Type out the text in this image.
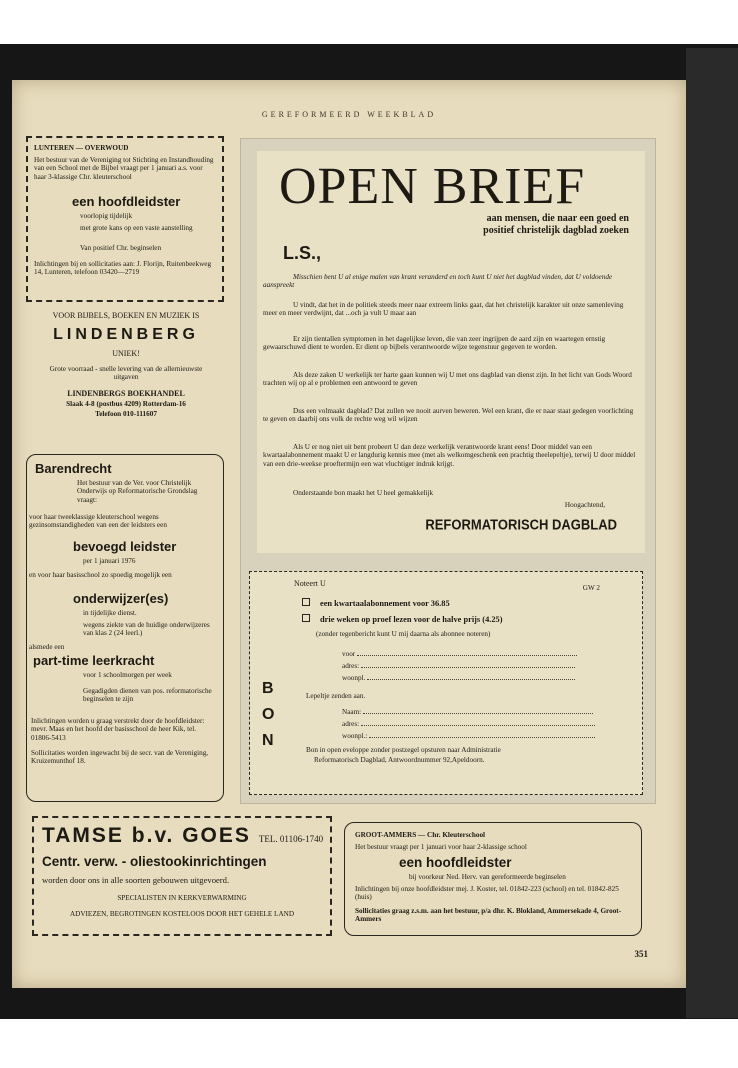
GEREFORMEERD WEEKBLAD
LUNTEREN — OVERWOUD
Het bestuur van de Vereniging tot Stichting en Instandhouding van een School met de Bijbel vraagt per 1 januari a.s. voor haar 3-klassige Chr. kleuterschool
een hoofdleidster
voorlopig tijdelijk
met grote kans op een vaste aanstelling
Van positief Chr. beginselen
Inlichtingen bij en sollicitaties aan: J. Florijn, Ruitenbeekweg 14, Lunteren, telefoon 03420—2719
VOOR BIJBELS, BOEKEN EN MUZIEK IS
LINDENBERG
UNIEK!
Grote voorraad - snelle levering van de allernieuwste uitgaven
LINDENBERGS BOEKHANDEL
Slaak 4-8 (postbus 4209) Rotterdam-16
Telefoon 010-111607
Barendrecht
Het bestuur van de Ver. voor Christelijk Onderwijs op Reformatorische Grondslag vraagt:
voor haar tweeklassige kleuterschool wegens gezinsomstandigheden van een der leidsters een
bevoegd leidster
per 1 januari 1976
en voor haar basisschool zo spoedig mogelijk een
onderwijzer(es)
in tijdelijke dienst.
wegens ziekte van de huidige onderwijzeres van klas 2 (24 leerl.)
alsmede een
part-time leerkracht
voor 1 schoolmorgen per week
Gegadigden dienen van pos. reformatorische beginselen te zijn
Inlichtingen worden u graag verstrekt door de hoofdleidster: mevr. Maas en het hoofd der basisschool de heer Kik, tel. 01806-5413
Sollicitaties worden ingewacht bij de secr. van de Vereniging, Kruizemunthof 18.
OPEN BRIEF
aan mensen, die naar een goed en
positief christelijk dagblad zoeken
L.S.,
Misschien bent U al enige malen van krant veranderd en toch kunt U niet het dagblad vinden, dat U voldoende aanspreekt
U vindt, dat het in de politiek steeds meer naar extreem links gaat, dat het christelijk karakter uit onze samenleving meer en meer verdwijnt, dat ...och ja vult U maar aan
Er zijn tientallen symptomen in het dagelijkse leven, die van zeer ingrijpen de aard zijn en waartegen ernstig gewaarschuwd dient te worden. Er dient op bijbels verantwoorde wijze tegenstuur gegeven te worden.
Als deze zaken U werkelijk ter harte gaan kunnen wij U met ons dagblad van dienst zijn. In het licht van Gods Woord trachten wij op al e problemen een antwoord te geven
Dus een volmaakt dagblad? Dat zullen we nooit aurven beweren. Wel een krant, die er naar staat gedegen voorlichting te geven en daarbij ons volk de rechte weg wil wijzen
Als U er nog niet uit bent probeert U dan deze werkelijk verantwoorde krant eens! Door middel van een kwartaalabonnement maakt U er langdurig kennis mee (met als welkomgeschenk een prachtig theelepeltje), terwij U door middel van een drie-weekse proeftermijn een wat vluchtiger indruk krijgt.
Onderstaande bon maakt het U heel gemakkelijk
Hoogachtend,
REFORMATORISCH DAGBLAD
B
O
N
Noteert U	GW 2
een kwartaalabonnement voor 36.85
drie weken op proef lezen voor de halve prijs (4.25)
(zonder tegenbericht kunt U mij daarna als abonnee noteren)
voor
adres:
woonpl.
Lepeltje zenden aan.
Naam:
adres:
woonpl.:
Bon in open eveloppe zonder postzegel opsturen naar Administratie
Reformatorisch Dagblad, Antwoordnummer 92,Apeldoorn.
TAMSE b.v. GOES TEL. 01106-1740
Centr. verw. - oliestookinrichtingen
worden door ons in alle soorten gebouwen uitgevoerd.
SPECIALISTEN IN KERKVERWARMING
ADVIEZEN, BEGROTINGEN KOSTELOOS DOOR HET GEHELE LAND
GROOT-AMMERS — Chr. Kleuterschool
Het bestuur vraagt per 1 januari voor haar 2-klassige school
een hoofdleidster
bij voorkeur Ned. Herv. van gereformeerde beginselen
Inlichtingen bij onze hoofdleidster mej. J. Koster, tel. 01842-223 (school) en tel. 01842-825 (huis)
Sollicitaties graag z.s.m. aan het bestuur, p/a dhr. K. Blokland, Ammersekade 4, Groot-Ammers
351
